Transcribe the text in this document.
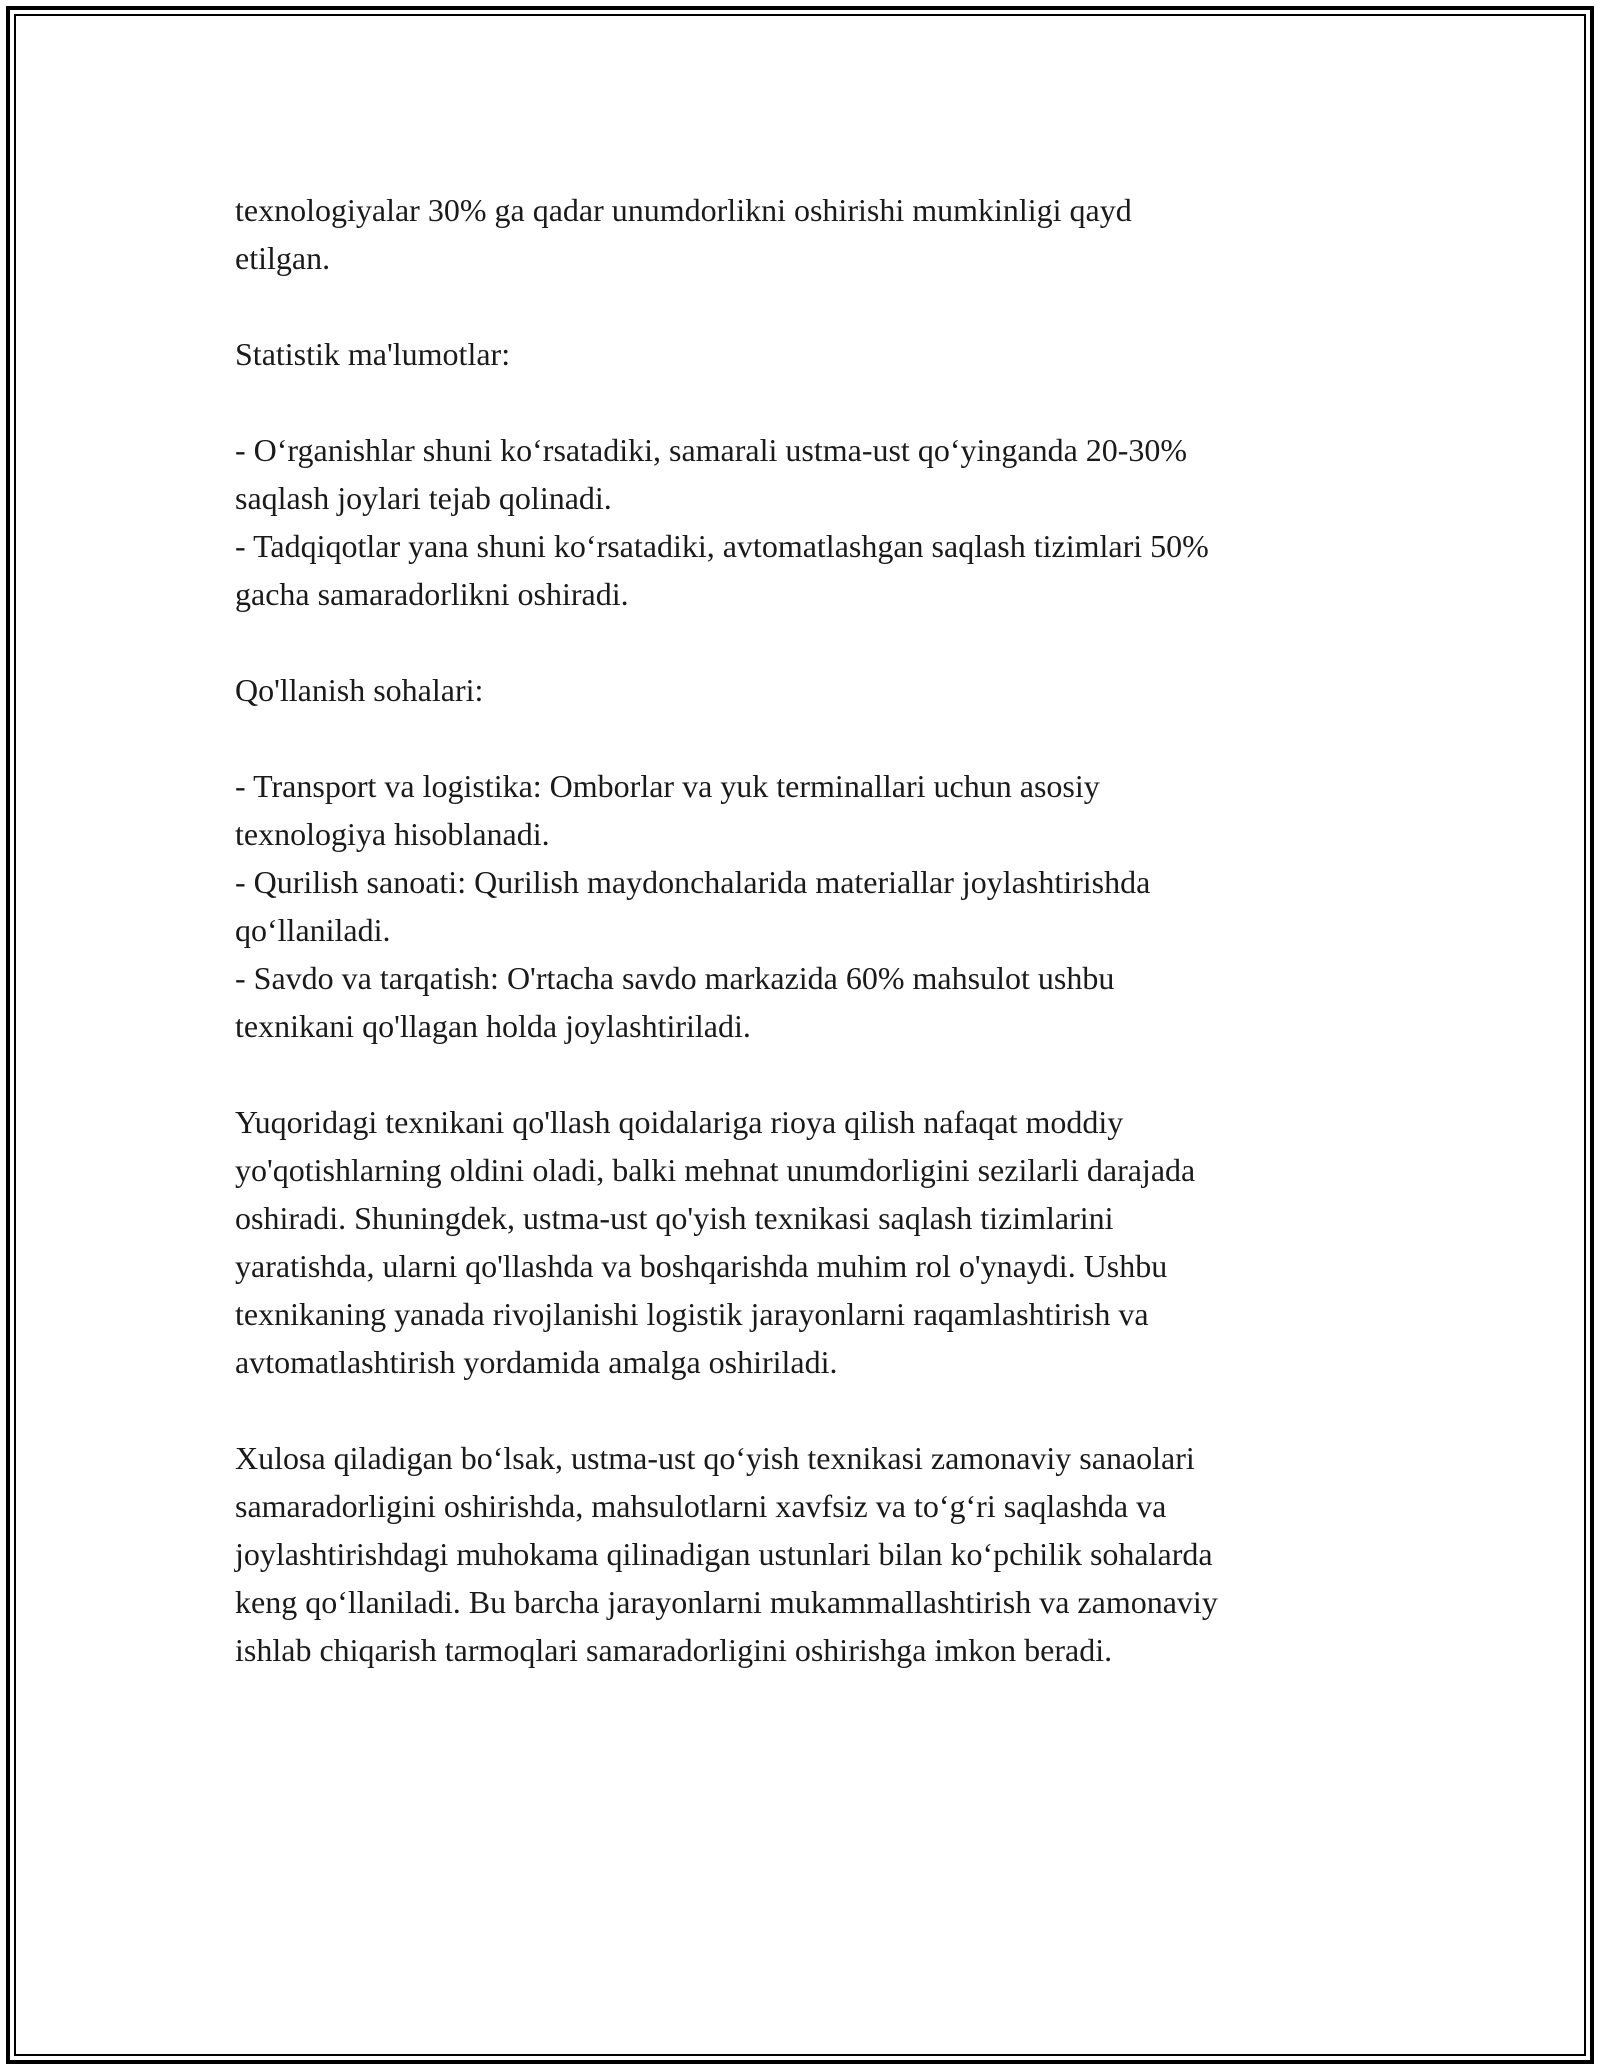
texnologiyalar 30% ga qadar unumdorlikni oshirishi mumkinligi qayd
etilgan.
Statistik ma'lumotlar:
- O‘rganishlar shuni ko‘rsatadiki, samarali ustma-ust qo‘yinganda 20-30%
saqlash joylari tejab qolinadi.
- Tadqiqotlar yana shuni ko‘rsatadiki, avtomatlashgan saqlash tizimlari 50%
gacha samaradorlikni oshiradi.
Qo'llanish sohalari:
- Transport va logistika: Omborlar va yuk terminallari uchun asosiy
texnologiya hisoblanadi.
- Qurilish sanoati: Qurilish maydonchalarida materiallar joylashtirishda
qo‘llaniladi.
- Savdo va tarqatish: O'rtacha savdo markazida 60% mahsulot ushbu
texnikani qo'llagan holda joylashtiriladi.
Yuqoridagi texnikani qo'llash qoidalariga rioya qilish nafaqat moddiy
yo'qotishlarning oldini oladi, balki mehnat unumdorligini sezilarli darajada
oshiradi. Shuningdek, ustma-ust qo'yish texnikasi saqlash tizimlarini
yaratishda, ularni qo'llashda va boshqarishda muhim rol o'ynaydi. Ushbu
texnikaning yanada rivojlanishi logistik jarayonlarni raqamlashtirish va
avtomatlashtirish yordamida amalga oshiriladi.
Xulosa qiladigan bo‘lsak, ustma-ust qo‘yish texnikasi zamonaviy sanaolari
samaradorligini oshirishda, mahsulotlarni xavfsiz va to‘g‘ri saqlashda va
joylashtirishdagi muhokama qilinadigan ustunlari bilan ko‘pchilik sohalarda
keng qo‘llaniladi. Bu barcha jarayonlarni mukammallashtirish va zamonaviy
ishlab chiqarish tarmoqlari samaradorligini oshirishga imkon beradi.
